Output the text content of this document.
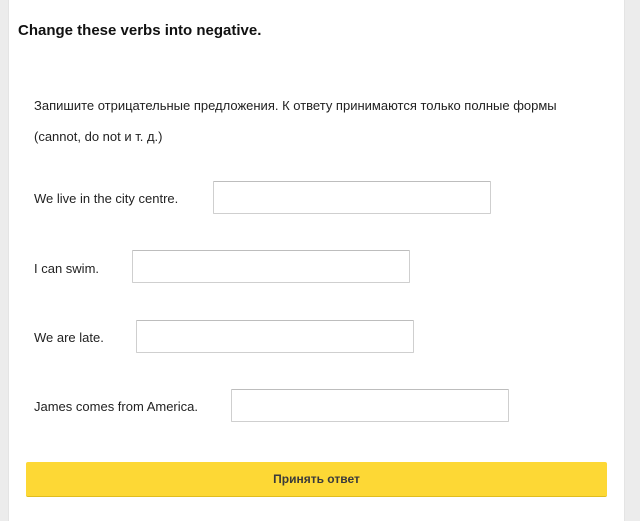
Change these verbs into negative.
Запишите отрицательные предложения. К ответу принимаются только полные формы
(cannot, do not и т. д.)
We live in the city centre.
I can swim.
We are late.
James comes from America.
Принять ответ
